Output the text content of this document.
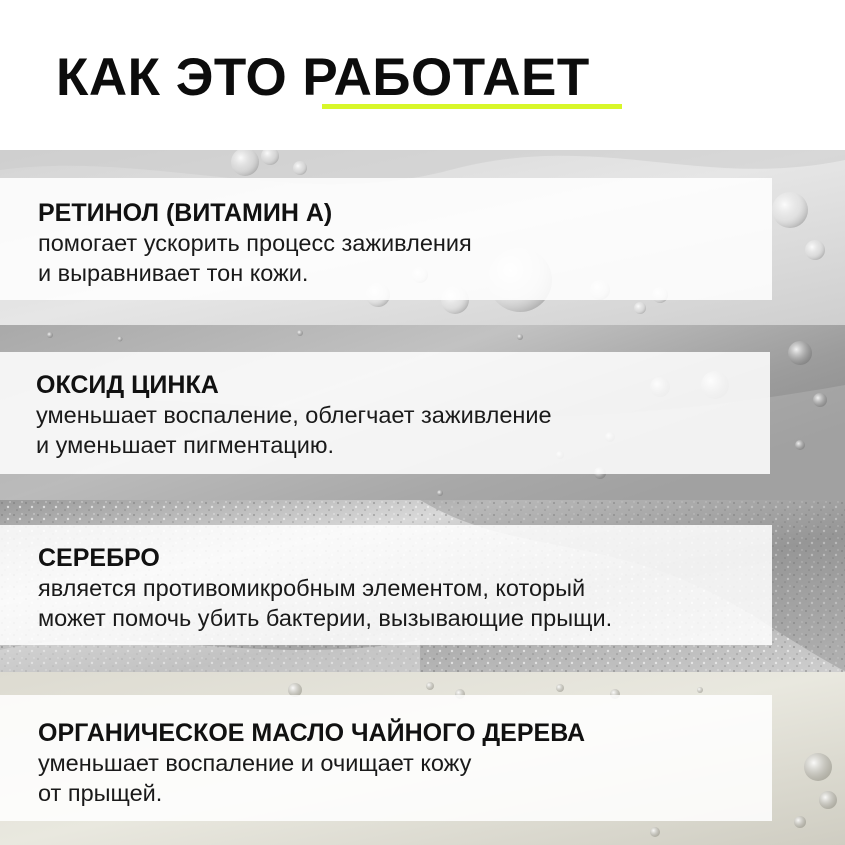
КАК ЭТО РАБОТАЕТ
РЕТИНОЛ (ВИТАМИН А)
помогает ускорить процесс заживления
и выравнивает тон кожи.
ОКСИД ЦИНКА
уменьшает воспаление, облегчает заживление
и уменьшает пигментацию.
СЕРЕБРО
является противомикробным элементом, который
может помочь убить бактерии, вызывающие прыщи.
ОРГАНИЧЕСКОЕ МАСЛО ЧАЙНОГО ДЕРЕВА
уменьшает воспаление и очищает кожу
от прыщей.
